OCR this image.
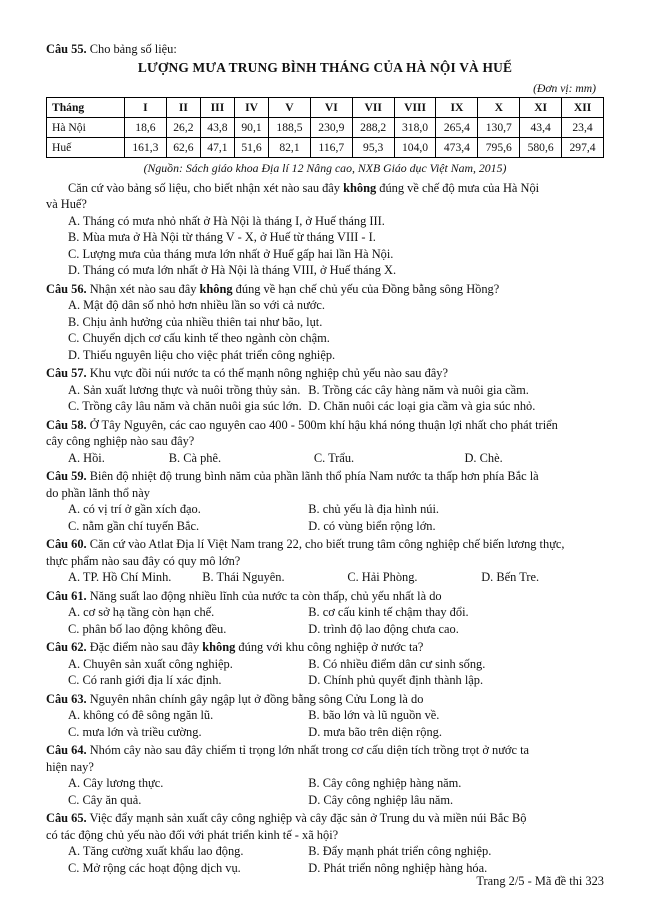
Câu 55. Cho bảng số liệu:
LƯỢNG MƯA TRUNG BÌNH THÁNG CỦA HÀ NỘI VÀ HUẾ
(Đơn vị: mm)
Tháng	I	II	III	IV	V	VI	VII	VIII	IX	X	XI	XII
Hà Nội	18,6	26,2	43,8	90,1	188,5	230,9	288,2	318,0	265,4	130,7	43,4	23,4
Huế	161,3	62,6	47,1	51,6	82,1	116,7	95,3	104,0	473,4	795,6	580,6	297,4
(Nguồn: Sách giáo khoa Địa lí 12 Nâng cao, NXB Giáo dục Việt Nam, 2015)
Căn cứ vào bảng số liệu, cho biết nhận xét nào sau đây không đúng về chế độ mưa của Hà Nội
và Huế?
A. Tháng có mưa nhỏ nhất ở Hà Nội là tháng I, ở Huế tháng III.
B. Mùa mưa ở Hà Nội từ tháng V - X, ở Huế từ tháng VIII - I.
C. Lượng mưa của tháng mưa lớn nhất ở Huế gấp hai lần Hà Nội.
D. Tháng có mưa lớn nhất ở Hà Nội là tháng VIII, ở Huế tháng X.
Câu 56. Nhận xét nào sau đây không đúng về hạn chế chủ yếu của Đồng bằng sông Hồng?
A. Mật độ dân số nhỏ hơn nhiều lần so với cả nước.
B. Chịu ảnh hưởng của nhiều thiên tai như bão, lụt.
C. Chuyển dịch cơ cấu kinh tế theo ngành còn chậm.
D. Thiếu nguyên liệu cho việc phát triển công nghiệp.
Câu 57. Khu vực đồi núi nước ta có thế mạnh nông nghiệp chủ yếu nào sau đây?
A. Sản xuất lương thực và nuôi trồng thủy sản. B. Trồng các cây hàng năm và nuôi gia cầm.
C. Trồng cây lâu năm và chăn nuôi gia súc lớn. D. Chăn nuôi các loại gia cầm và gia súc nhỏ.
Câu 58. Ở Tây Nguyên, các cao nguyên cao 400 - 500m khí hậu khá nóng thuận lợi nhất cho phát triển
cây công nghiệp nào sau đây?
A. Hồi.	B. Cà phê.	C. Trẩu.	D. Chè.
Câu 59. Biên độ nhiệt độ trung bình năm của phần lãnh thổ phía Nam nước ta thấp hơn phía Bắc là
do phần lãnh thổ này
A. có vị trí ở gần xích đạo.	B. chủ yếu là địa hình núi.
C. nằm gần chí tuyến Bắc.	D. có vùng biển rộng lớn.
Câu 60. Căn cứ vào Atlat Địa lí Việt Nam trang 22, cho biết trung tâm công nghiệp chế biến lương thực,
thực phẩm nào sau đây có quy mô lớn?
A. TP. Hồ Chí Minh.	B. Thái Nguyên.	C. Hải Phòng.	D. Bến Tre.
Câu 61. Năng suất lao động nhiều lĩnh của nước ta còn thấp, chủ yếu nhất là do
A. cơ sở hạ tầng còn hạn chế.	B. cơ cấu kinh tế chậm thay đổi.
C. phân bố lao động không đều.	D. trình độ lao động chưa cao.
Câu 62. Đặc điểm nào sau đây không đúng với khu công nghiệp ở nước ta?
A. Chuyên sản xuất công nghiệp.	B. Có nhiều điểm dân cư sinh sống.
C. Có ranh giới địa lí xác định.	D. Chính phủ quyết định thành lập.
Câu 63. Nguyên nhân chính gây ngập lụt ở đồng bằng sông Cửu Long là do
A. không có đê sông ngăn lũ.	B. bão lớn và lũ nguồn về.
C. mưa lớn và triều cường.	D. mưa bão trên diện rộng.
Câu 64. Nhóm cây nào sau đây chiếm tỉ trọng lớn nhất trong cơ cấu diện tích trồng trọt ở nước ta
hiện nay?
A. Cây lương thực.	B. Cây công nghiệp hàng năm.
C. Cây ăn quả.	D. Cây công nghiệp lâu năm.
Câu 65. Việc đẩy mạnh sản xuất cây công nghiệp và cây đặc sản ở Trung du và miền núi Bắc Bộ
có tác động chủ yếu nào đối với phát triển kinh tế - xã hội?
A. Tăng cường xuất khẩu lao động.	B. Đẩy mạnh phát triển công nghiệp.
C. Mở rộng các hoạt động dịch vụ.	D. Phát triển nông nghiệp hàng hóa.
Trang 2/5 - Mã đề thi 323
